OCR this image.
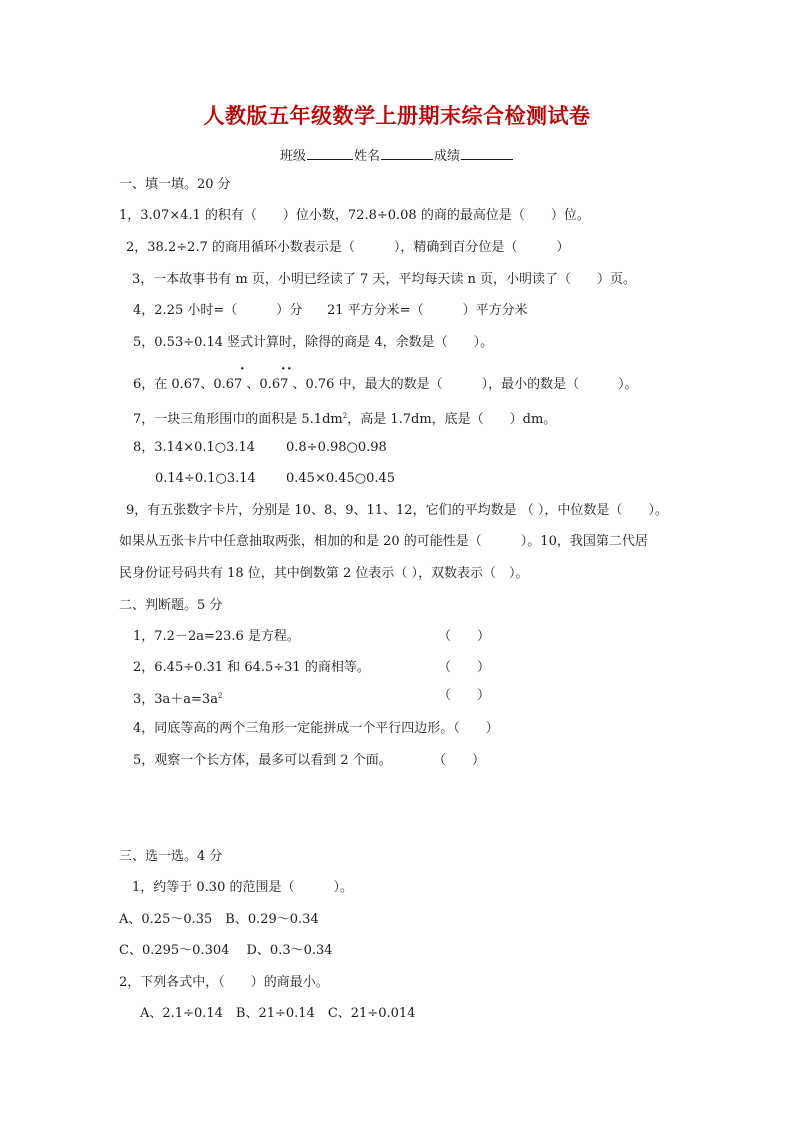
人教版五年级数学上册期末综合检测试卷
班级	姓名	成绩
一、填一填。20 分
1，3.07×4.1 的积有（　　）位小数，72.8÷0.08 的商的最高位是（　　）位。
2，38.2÷2.7 的商用循环小数表示是（　　　），精确到百分位是（　　　）
3，一本故事书有 m 页，小明已经读了 7 天，平均每天读 n 页，小明读了（　　）页。
4，2.25 小时=（　　　）分 21 平方分米=（　　　）平方分米
5，0.53÷0.14 竖式计算时，除得的商是 4，余数是（　　）。
·	· ·
6，在 0.67、0.67 、0.67 、0.76 中，最大的数是（　　　），最小的数是（　　　）。
7，一块三角形围巾的面积是 $5.1dm^2$，高是 1.7dm，底是（　　）dm。
8，3.14×0.1○3.14 0.8÷0.98○0.98
0.14÷0.1○3.14 0.45×0.45○0.45
9，有五张数字卡片，分别是 10、8、9、11、12，它们的平均数是 （ ），中位数是（　　）。
如果从五张卡片中任意抽取两张，相加的和是 20 的可能性是（　　　）。10，我国第二代居
民身份证号码共有 18 位，其中倒数第 2 位表示（ ），双数表示（　）。
二、判断题。5 分
1，7.2－2a=23.6 是方程。	（　　）
2，6.45÷0.31 和 64.5÷31 的商相等。	（　　）
3，$3a+a=3a^2$	（　　）
4，同底等高的两个三角形一定能拼成一个平行四边形。（　　）
5，观察一个长方体，最多可以看到 2 个面。	（　　）
三、选一选。4 分
1，约等于 0.30 的范围是（　　　）。
A、0.25～0.35　B、0.29～0.34
C、0.295～0.304　 D、0.3～0.34
2，下列各式中，（　　）的商最小。
A、2.1÷0.14　B、21÷0.14　C、21÷0.014
